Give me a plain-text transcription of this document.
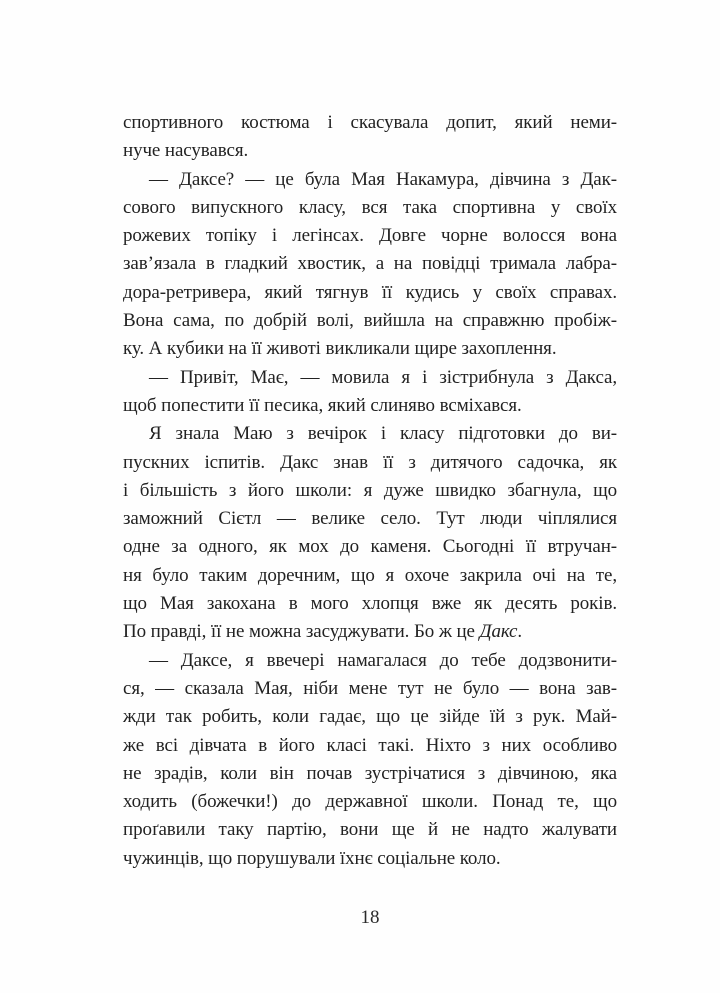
спортивного костюма і скасувала допит, який неми-
нуче насувався.
— Даксе? — це була Мая Накамура, дівчина з Дак-
сового випускного класу, вся така спортивна у своїх
рожевих топіку і легінсах. Довге чорне волосся вона
зав’язала в гладкий хвостик, а на повідці тримала лабра-
дора-ретривера, який тягнув її кудись у своїх справах.
Вона сама, по добрій волі, вийшла на справжню пробіж-
ку. А кубики на її животі викликали щире захоплення.
— Привіт, Має, — мовила я і зістрибнула з Дакса,
щоб попестити її песика, який слиняво всміхався.
Я знала Маю з вечірок і класу підготовки до ви-
пускних іспитів. Дакс знав її з дитячого садочка, як
і більшість з його школи: я дуже швидко збагнула, що
заможний Сієтл — велике село. Тут люди чіплялися
одне за одного, як мох до каменя. Сьогодні її втручан-
ня було таким доречним, що я охоче закрила очі на те,
що Мая закохана в мого хлопця вже як десять років.
По правді, її не можна засуджувати. Бо ж це Дакс.
— Даксе, я ввечері намагалася до тебе додзвонити-
ся, — сказала Мая, ніби мене тут не було — вона зав-
жди так робить, коли гадає, що це зійде їй з рук. Май-
же всі дівчата в його класі такі. Ніхто з них особливо
не зрадів, коли він почав зустрічатися з дівчиною, яка
ходить (божечки!) до державної школи. Понад те, що
проґавили таку партію, вони ще й не надто жалувати
чужинців, що порушували їхнє соціальне коло.
18
